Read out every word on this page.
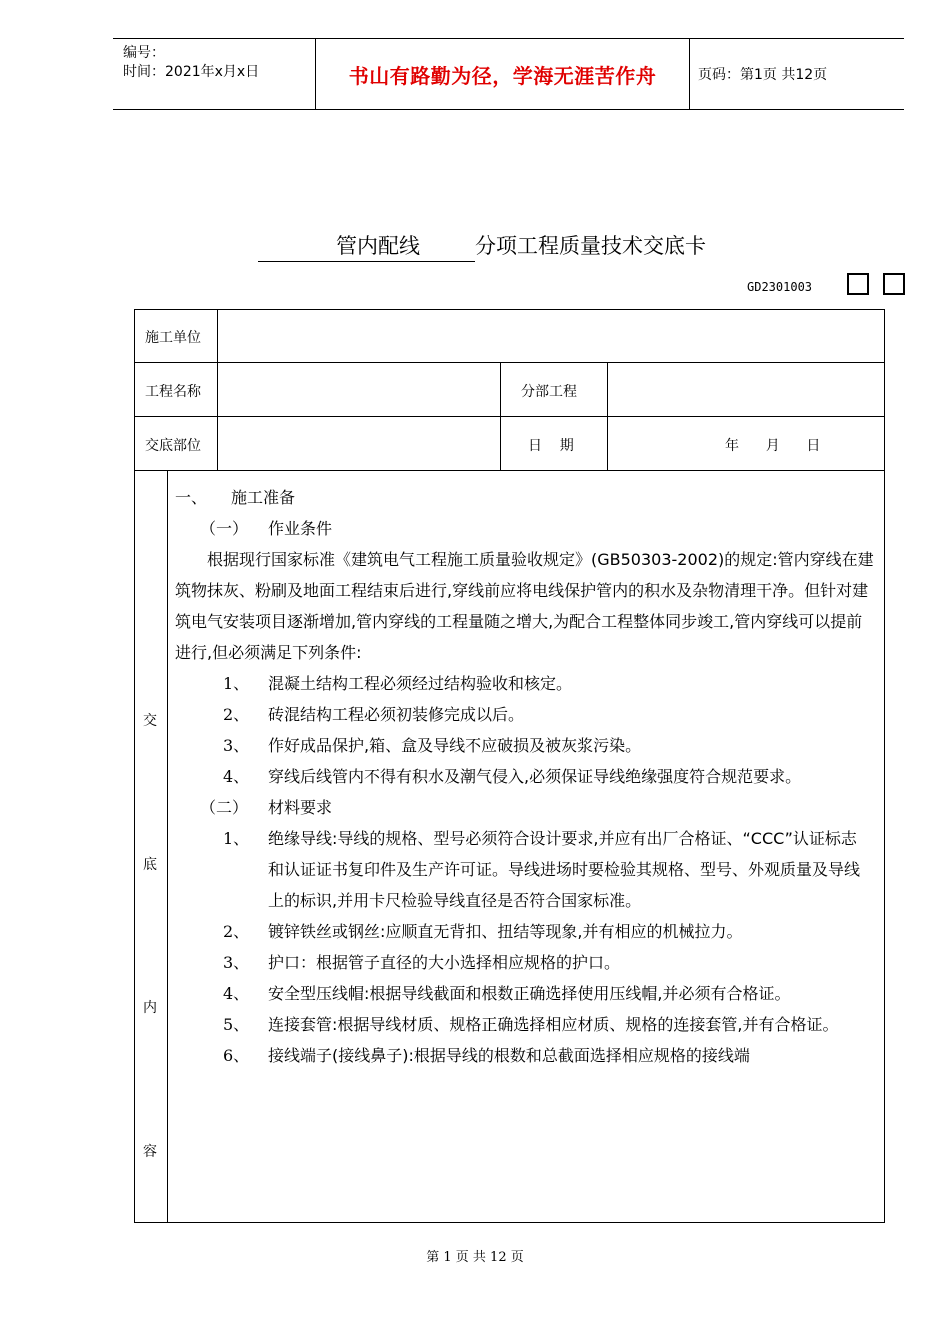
编号：
时间：2021年x月x日	书山有路勤为径，学海无涯苦作舟	页码：第1页 共12页
管内配线	分项工程质量技术交底卡
GD2301003
施工单位
工程名称	分部工程
交底部位	日    期	年      月      日
交
底
内
容

一、 施工准备

（一） 作业条件

根据现行国家标准《建筑电气工程施工质量验收规定》(GB50303-2002)的规定:管内穿线在建筑物抹灰、粉刷及地面工程结束后进行,穿线前应将电线保护管内的积水及杂物清理干净。但针对建筑电气安装项目逐渐增加,管内穿线的工程量随之增大,为配合工程整体同步竣工,管内穿线可以提前进行,但必须满足下列条件:

1、	混凝土结构工程必须经过结构验收和核定。
2、	砖混结构工程必须初装修完成以后。
3、	作好成品保护,箱、盒及导线不应破损及被灰浆污染。
4、	穿线后线管内不得有积水及潮气侵入,必须保证导线绝缘强度符合规范要求。

（二） 材料要求

1、	绝缘导线:导线的规格、型号必须符合设计要求,并应有出厂合格证、“CCC”认证标志和认证证书复印件及生产许可证。导线进场时要检验其规格、型号、外观质量及导线上的标识,并用卡尺检验导线直径是否符合国家标准。
2、	镀锌铁丝或钢丝:应顺直无背扣、扭结等现象,并有相应的机械拉力。
3、	护口：根据管子直径的大小选择相应规格的护口。
4、	安全型压线帽:根据导线截面和根数正确选择使用压线帽,并必须有合格证。
5、	连接套管:根据导线材质、规格正确选择相应材质、规格的连接套管,并有合格证。
6、	接线端子(接线鼻子):根据导线的根数和总截面选择相应规格的接线端
第 1 页 共 12 页
